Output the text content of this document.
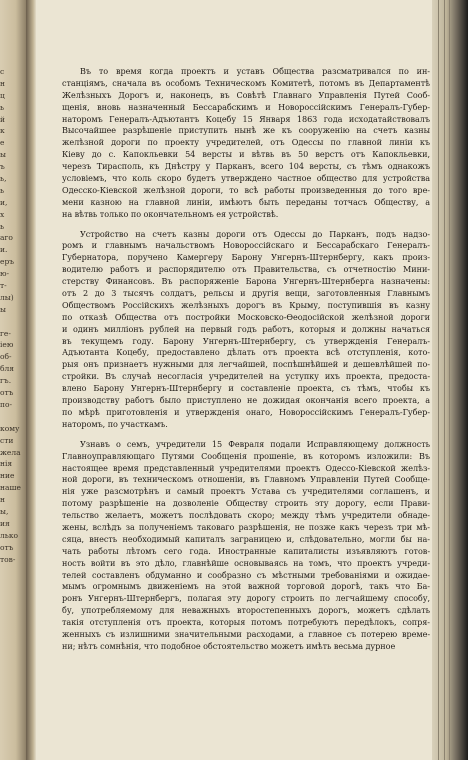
с
н
ц
ь
й
к
е
ы
ъ
ь,
ь
и,
х
ь
аго
и.
еръ
ю-
т-
лы)
ы
ге-
іею
об-
бля
гъ.
отъ
по-
кому
сти
жела
нія
ние
наше
н
ы,
ия
лько
отъ
тов-
Въ то время когда проектъ и уставъ Общества разсматривался по ин-
станціямъ, сначала въ особомъ Техническомъ Комитетѣ, потомъ въ Департаментѣ
Желѣзныхъ Дорогъ и, наконецъ, въ Совѣтѣ Главнаго Управленія Путей Сооб-
щенія, вновь назначенный Бессарабскимъ и Новороссійскимъ Генералъ-Губер-
наторомъ Генералъ-Адъютантъ Коцебу 15 Января 1863 года исходатайствовалъ
Высочайшее разрѣшеніе приступить нынѣ же къ сооруженію на счетъ казны
желѣзной дороги по проекту учредителей, отъ Одессы по главной линіи къ
Кіеву до с. Капокльевки 54 версты и вѣтвь въ 50 верстъ отъ Капокльевки,
черезъ Тирасполь, къ Днѣстру у Парканъ, всего 104 версты, съ тѣмъ однакожъ
условіемъ, что коль скоро будетъ утверждено частное общество для устройства
Одесско-Кіевской желѣзной дороги, то всѣ работы произведенныя до того вре-
мени казною на главной линіи, имѣютъ быть переданы тотчасъ Обществу, а
на вѣтвь только по окончательномъ ея устройствѣ.
Устройство на счетъ казны дороги отъ Одессы до Парканъ, подъ надзо-
ромъ и главнымъ начальствомъ Новороссійскаго и Бессарабскаго Генералъ-
Губернатора, поручено Камергеру Барону Унгернъ-Штернбергу, какъ произ-
водителю работъ и распорядителю отъ Правительства, съ отчетностію Мини-
стерству Финансовъ. Въ распоряженіе Барона Унгернъ-Штернберга назначены:
отъ 2 до 3 тысячъ солдатъ, рельсы и другія вещи, заготовленныя Главнымъ
Обществомъ Россійскихъ желѣзныхъ дорогъ въ Крыму, поступившія въ казну
по отказѣ Общества отъ постройки Московско-Ѳеодосійской желѣзной дороги
и одинъ милліонъ рублей на первый годъ работъ, которыя и должны начаться
въ текущемъ году. Барону Унгернъ-Штернбергу, съ утвержденія Генералъ-
Адъютанта Коцебу, предоставлено дѣлать отъ проекта всѣ отступленія, кото-
рыя онъ признаетъ нужными для легчайшей, поспѣшнѣйшей и дешевлѣйшей по-
стройки. Въ случаѣ несогласія учредителей на уступку ихъ проекта, предоста-
влено Барону Унгернъ-Штернбергу и составленіе проекта, съ тѣмъ, чтобы къ
производству работъ было приступлено не дожидая окончанія всего проекта, а
по мѣрѣ приготовленія и утвержденія онаго, Новороссійскимъ Генералъ-Губер-
наторомъ, по участкамъ.
Узнавъ о семъ, учредители 15 Февраля подали Исправляющему должность
Главноуправляющаго Путями Сообщенія прошеніе, въ которомъ изложили: Въ
настоящее время представленный учредителями проектъ Одессо-Кіевской желѣз-
ной дороги, въ техническомъ отношеніи, въ Главномъ Управленіи Путей Сообще-
нія уже разсмотрѣнъ и самый проектъ Устава съ учредителями соглашенъ, и
потому разрѣшеніе на дозволеніе Обществу строить эту дорогу, если Прави-
тельство желаетъ, можетъ послѣдовать скоро; между тѣмъ учредители обнаде-
жены, вслѣдъ за полученіемъ таковаго разрѣшенія, не позже какъ черезъ три мѣ-
сяца, внесть необходимый капиталъ заграницею и, слѣдовательно, могли бы на-
чать работы лѣтомъ сего года. Иностранные капиталисты изъявляютъ готов-
ность войти въ это дѣло, главнѣйше основываясь на томъ, что проектъ учреди-
телей составленъ обдуманно и сообразно съ мѣстными требованіями и ожидае-
мымъ огромнымъ движеніемъ на этой важной торговой дорогѣ, такъ что Ба-
ронъ Унгернъ-Штернбергъ, полагая эту дорогу строить по легчайшему способу,
бу, употребляемому для неважныхъ второстепенныхъ дорогъ, можетъ сдѣлать
такія отступленія отъ проекта, которыя потомъ потребуютъ передѣлокъ, сопря-
женныхъ съ излишними значительными расходами, а главное съ потерею време-
ни; нѣтъ сомнѣнія, что подобное обстоятельство можетъ имѣть весьма дурное
